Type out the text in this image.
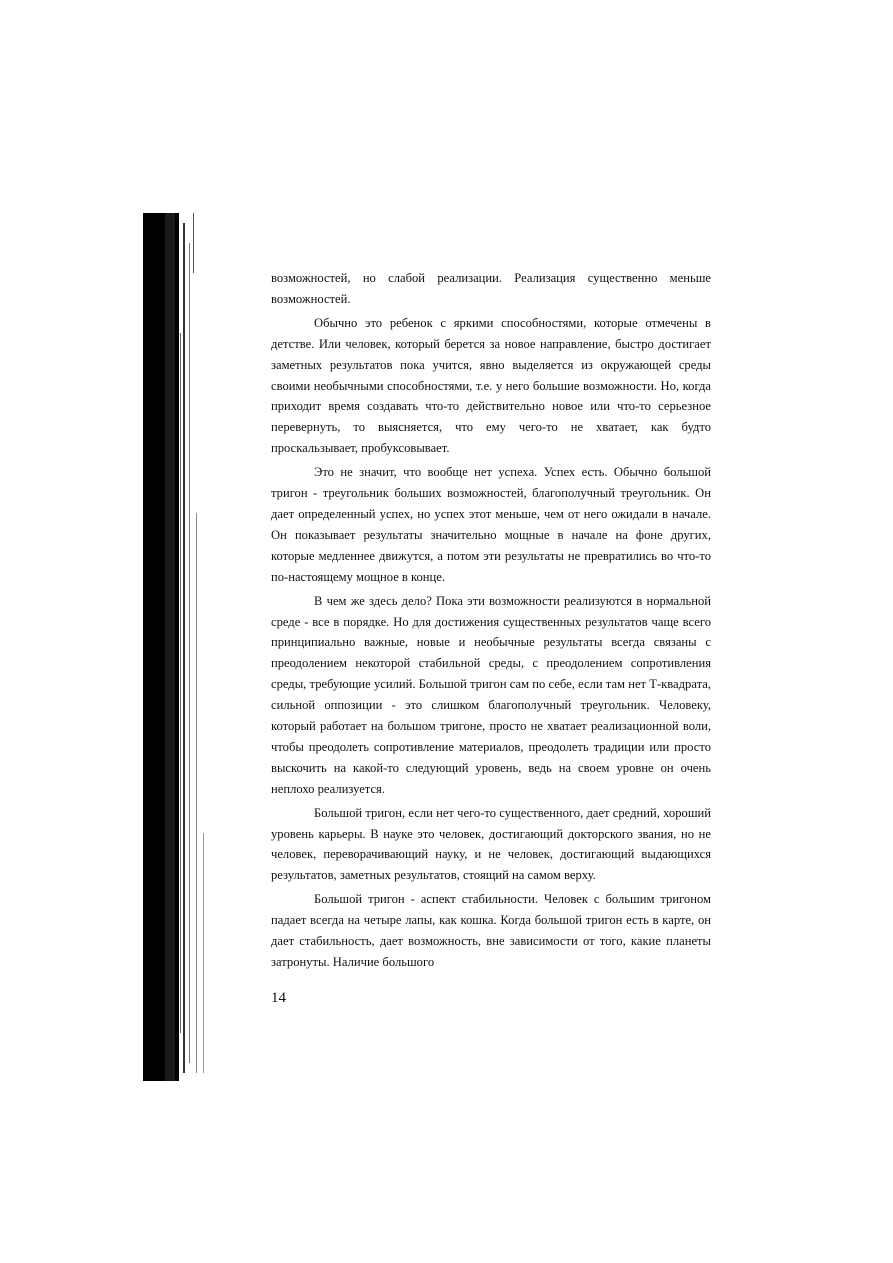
возможностей, но слабой реализации. Реализация существенно меньше возможностей.

Обычно это ребенок с яркими способностями, которые отмечены в детстве. Или человек, который берется за новое направление, быстро достигает заметных результатов пока учится, явно выделяется из окружающей среды своими необычными способностями, т.е. у него большие возможности. Но, когда приходит время создавать что-то действительно новое или что-то серьезное перевернуть, то выясняется, что ему чего-то не хватает, как будто проскальзывает, пробуксовывает.

Это не значит, что вообще нет успеха. Успех есть. Обычно большой тригон - треугольник больших возможностей, благополучный треугольник. Он дает определенный успех, но успех этот меньше, чем от него ожидали в начале. Он показывает результаты значительно мощные в начале на фоне других, которые медленнее движутся, а потом эти результаты не превратились во что-то по-настоящему мощное в конце.

В чем же здесь дело? Пока эти возможности реализуются в нормальной среде - все в порядке. Но для достижения существенных результатов чаще всего принципиально важные, новые и необычные результаты всегда связаны с преодолением некоторой стабильной среды, с преодолением сопротивления среды, требующие усилий. Большой тригон сам по себе, если там нет Т-квадрата, сильной оппозиции - это слишком благополучный треугольник. Человеку, который работает на большом тригоне, просто не хватает реализационной воли, чтобы преодолеть сопротивление материалов, преодолеть традиции или просто выскочить на какой-то следующий уровень, ведь на своем уровне он очень неплохо реализуется.

Большой тригон, если нет чего-то существенного, дает средний, хороший уровень карьеры. В науке это человек, достигающий докторского звания, но не человек, переворачивающий науку, и не человек, достигающий выдающихся результатов, заметных результатов, стоящий на самом верху.

Большой тригон - аспект стабильности. Человек с большим тригоном падает всегда на четыре лапы, как кошка. Когда большой тригон есть в карте, он дает стабильность, дает возможность, вне зависимости от того, какие планеты затронуты. Наличие большого

14
